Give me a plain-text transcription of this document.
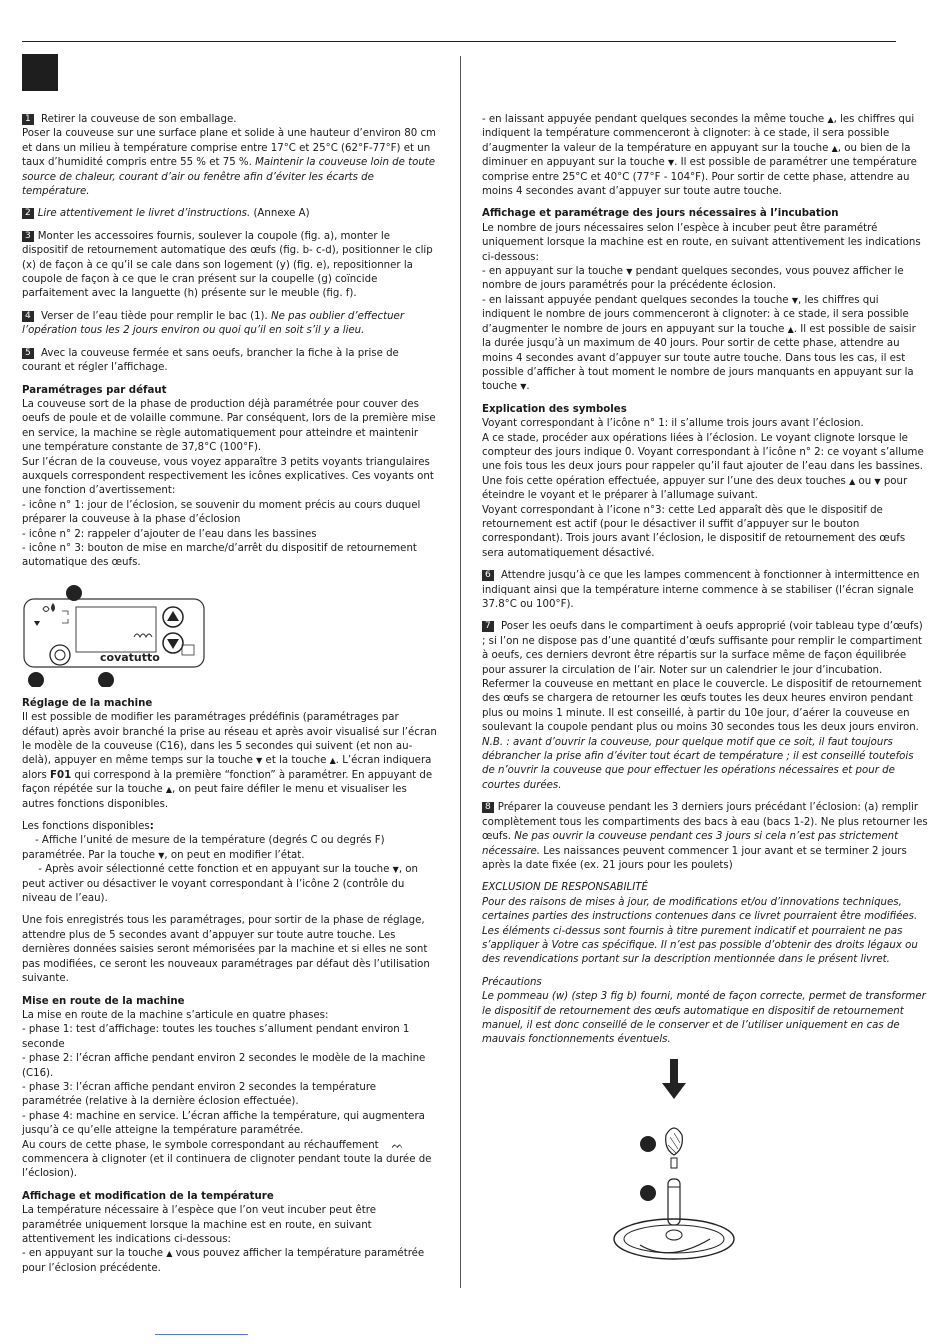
1 Retirer la couveuse de son emballage.
Poser la couveuse sur une surface plane et solide à une hauteur d’environ 80 cm et dans un milieu à température comprise entre 17°C et 25°C (62°F-77°F) et un taux d’humidité compris entre 55 % et 75 %. Maintenir la couveuse loin de toute source de chaleur, courant d’air ou fenêtre afin d’éviter les écarts de température.

2 Lire attentivement le livret d’instructions. (Annexe A)

3 Monter les accessoires fournis, soulever la coupole (fig. a), monter le dispositif de retournement automatique des œufs (fig. b- c-d), positionner le clip (x) de façon à ce qu’il se cale dans son logement (y) (fig. e), repositionner la coupole de façon à ce que le cran présent sur la coupelle (g) coïncide parfaitement avec la languette (h) présente sur le meuble (fig. f).

4 Verser de l’eau tiède pour remplir le bac (1). Ne pas oublier d’effectuer l’opération tous les 2 jours environ ou quoi qu’il en soit s’il y a lieu.

5 Avec la couveuse fermée et sans oeufs, brancher la fiche à la prise de courant et régler l’affichage.

Paramétrages par défaut

La couveuse sort de la phase de production déjà paramétrée pour couver des oeufs de poule et de volaille commune. Par conséquent, lors de la première mise en service, la machine se règle automatiquement pour atteindre et maintenir une température constante de 37,8°C (100°F).
Sur l’écran de la couveuse, vous voyez apparaître 3 petits voyants triangulaires auxquels correspondent respectivement les icônes explicatives. Ces voyants ont une fonction d’avertissement:
- icône n° 1: jour de l’éclosion, se souvenir du moment précis au cours duquel préparer la couveuse à la phase d’éclosion
- icône n° 2: rappeler d’ajouter de l’eau dans les bassines
- icône n° 3: bouton de mise en marche/d’arrêt du dispositif de retournement automatique des œufs.

covatutto
Réglage de la machine

Il est possible de modifier les paramétrages prédéfinis (paramétrages par défaut) après avoir branché la prise au réseau et après avoir visualisé sur l’écran le modèle de la couveuse (C16), dans les 5 secondes qui suivent (et non au-delà), appuyer en même temps sur la touche ▼ et la touche ▲. L’écran indiquera alors F01 qui correspond à la première “fonction” à paramétrer. En appuyant de façon répétée sur la touche ▲, on peut faire défiler le menu et visualiser les autres fonctions disponibles.

Les fonctions disponibles:
- Affiche l’unité de mesure de la température (degrés C ou degrés F) paramétrée. Par la touche ▼, on peut en modifier l’état.
- Après avoir sélectionné cette fonction et en appuyant sur la touche ▼, on peut activer ou désactiver le voyant correspondant à l’icône 2 (contrôle du niveau de l’eau).

Une fois enregistrés tous les paramétrages, pour sortir de la phase de réglage, attendre plus de 5 secondes avant d’appuyer sur toute autre touche. Les dernières données saisies seront mémorisées par la machine et si elles ne sont pas modifiées, ce seront les nouveaux paramétrages par défaut dès l’utilisation suivante.

Mise en route de la machine

La mise en route de la machine s’articule en quatre phases:
- phase 1: test d’affichage: toutes les touches s’allument pendant environ 1 seconde
- phase 2: l’écran affiche pendant environ 2 secondes le modèle de la machine (C16).
- phase 3: l’écran affiche pendant environ 2 secondes la température paramétrée (relative à la dernière éclosion effectuée).
- phase 4: machine en service. L’écran affiche la température, qui augmentera jusqu’à ce qu’elle atteigne la température paramétrée.
Au cours de cette phase, le symbole correspondant au réchauffement    ᨓ  commencera à clignoter (et il continuera de clignoter pendant toute la durée de l’éclosion).

Affichage et modification de la température

La température nécessaire à l’espèce que l’on veut incuber peut être paramétrée uniquement lorsque la machine est en route, en suivant attentivement les indications ci-dessous:
- en appuyant sur la touche ▲ vous pouvez afficher la température paramétrée pour l’éclosion précédente.

- en laissant appuyée pendant quelques secondes la même touche ▲, les chiffres qui indiquent la température commenceront à clignoter: à ce stade, il sera possible d’augmenter la valeur de la température en appuyant sur la touche ▲, ou bien de la diminuer en appuyant sur la touche ▼. Il est possible de paramétrer une température comprise entre 25°C et 40°C (77°F - 104°F). Pour sortir de cette phase, attendre au moins 4 secondes avant d’appuyer sur toute autre touche.

Affichage et paramétrage des jours nécessaires à l’incubation

Le nombre de jours nécessaires selon l’espèce à incuber peut être paramétré uniquement lorsque la machine est en route, en suivant attentivement les indications ci-dessous:
- en appuyant sur la touche ▼ pendant quelques secondes, vous pouvez afficher le nombre de jours paramétrés pour la précédente éclosion.
- en laissant appuyée pendant quelques secondes la touche ▼, les chiffres qui indiquent le nombre de jours commenceront à clignoter: à ce stade, il sera possible d’augmenter le nombre de jours en appuyant sur la touche ▲. Il est possible de saisir la durée jusqu’à un maximum de 40 jours. Pour sortir de cette phase, attendre au moins 4 secondes avant d’appuyer sur toute autre touche. Dans tous les cas, il est possible d’afficher à tout moment le nombre de jours manquants en appuyant sur la touche ▼.

Explication des symboles

Voyant correspondant à l’icône n° 1: il s’allume trois jours avant l’éclosion.
A ce stade, procéder aux opérations liées à l’éclosion. Le voyant clignote lorsque le compteur des jours indique 0. Voyant correspondant à l’icône n° 2: ce voyant s’allume une fois tous les deux jours pour rappeler qu’il faut ajouter de l’eau dans les bassines. Une fois cette opération effectuée, appuyer sur l’une des deux touches ▲ ou ▼ pour éteindre le voyant et le préparer à l’allumage suivant.
Voyant correspondant à l’icone n°3: cette Led apparaît dès que le dispositif de retournement est actif (pour le désactiver il suffit d’appuyer sur le bouton correspondant). Trois jours avant l’éclosion, le dispositif de retournement des œufs sera automatiquement désactivé.

6 Attendre jusqu’à ce que les lampes commencent à fonctionner à intermittence en indiquant ainsi que la température interne commence à se stabiliser (l’écran signale 37.8°C ou 100°F).

7 Poser les oeufs dans le compartiment à oeufs approprié (voir tableau type d’œufs) ; si l’on ne dispose pas d’une quantité d’œufs suffisante pour remplir le compartiment à oeufs, ces derniers devront être répartis sur la surface même de façon équilibrée pour assurer la circulation de l’air. Noter sur un calendrier le jour d’incubation. Refermer la couveuse en mettant en place le couvercle. Le dispositif de retournement des œufs se chargera de retourner les œufs toutes les deux heures environ pendant plus ou moins 1 minute. Il est conseillé, à partir du 10e jour, d’aérer la couveuse en soulevant la coupole pendant plus ou moins 30 secondes tous les deux jours environ. N.B. : avant d’ouvrir la couveuse, pour quelque motif que ce soit, il faut toujours débrancher la prise afin d’éviter tout écart de température ; il est conseillé toutefois de n’ouvrir la couveuse que pour effectuer les opérations nécessaires et pour de courtes durées.

8 Préparer la couveuse pendant les 3 derniers jours précédant l’éclosion: (a) remplir complètement tous les compartiments des bacs à eau (bacs 1-2). Ne plus retourner les œufs. Ne pas ouvrir la couveuse pendant ces 3 jours si cela n’est pas strictement nécessaire. Les naissances peuvent commencer 1 jour avant et se terminer 2 jours après la date fixée (ex. 21 jours pour les poulets)

EXCLUSION DE RESPONSABILITÉ
Pour des raisons de mises à jour, de modifications et/ou d’innovations techniques, certaines parties des instructions contenues dans ce livret pourraient être modifiées. Les éléments ci-dessus sont fournis à titre purement indicatif et pourraient ne pas s’appliquer à Votre cas spécifique. Il n’est pas possible d’obtenir des droits légaux ou des revendications portant sur la description mentionnée dans le présent livret.

Précautions
Le pommeau (w) (step 3 fig b) fourni, monté de façon correcte, permet de transformer le dispositif de retournement des œufs automatique en dispositif de retournement manuel, il est donc conseillé de le conserver et de l’utiliser uniquement en cas de mauvais fonctionnements éventuels.
